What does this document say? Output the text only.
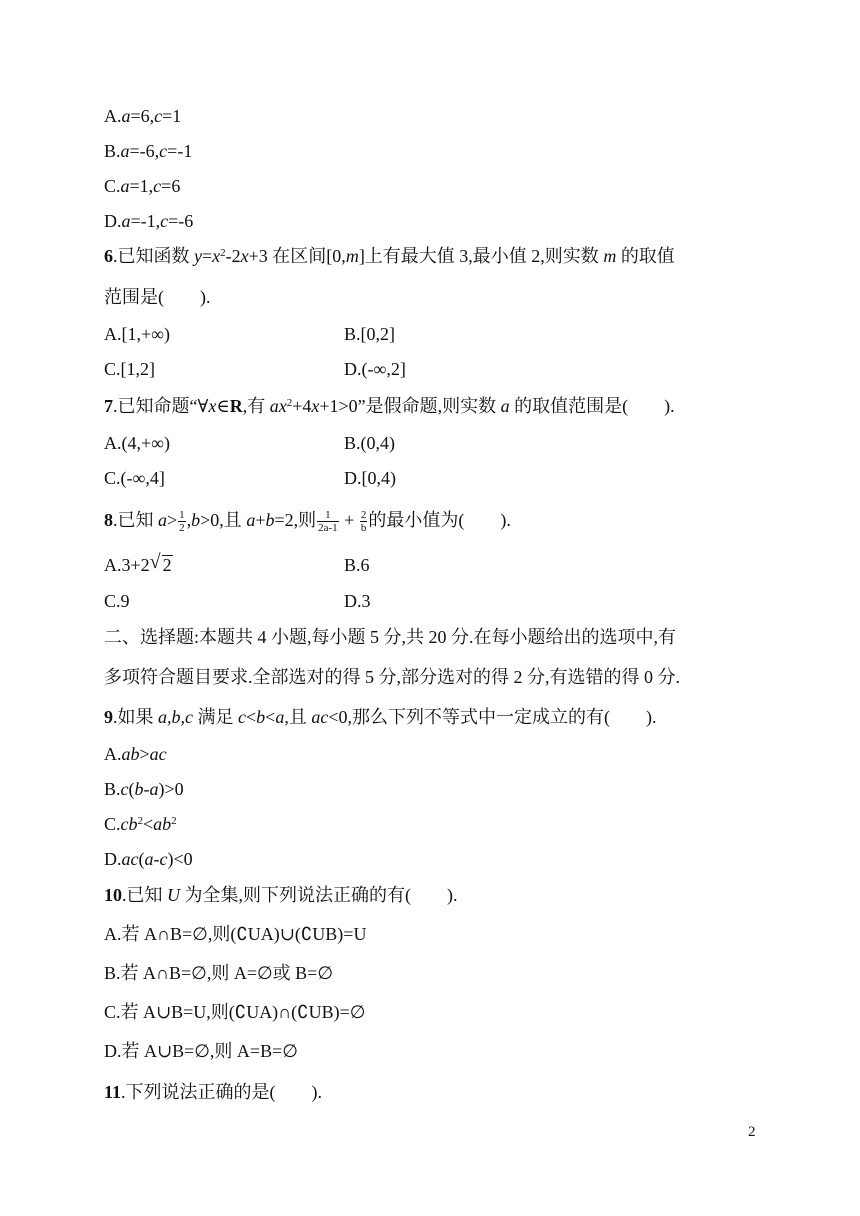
A.a=6,c=1
B.a=-6,c=-1
C.a=1,c=6
D.a=-1,c=-6
6.已知函数 $y=x^2-2x+3$ 在区间[0,m]上有最大值 3,最小值 2,则实数 m 的取值
范围是(　　).
A.[1,+∞)	B.[0,2]
C.[1,2]	D.(-∞,2]
7.已知命题“∀x∈R,有 $ax^2+4x+1>0$”是假命题,则实数 a 的取值范围是(　　).
A.(4,+∞)	B.(0,4)
C.(-∞,4]	D.[0,4)
8.已知 $a> \frac{1}{2} ,b>0$,且 a+b=2,则 $\frac{1}{2a-1} + \frac{2}{b}$ 的最小值为(　　).
A.3+2 √ 2	B.6
C.9	D.3
二、选择题:本题共 4 小题,每小题 5 分,共 20 分.在每小题给出的选项中,有
多项符合题目要求.全部选对的得 5 分,部分选对的得 2 分,有选错的得 0 分.
9.如果 a,b,c 满足 c<b<a,且 ac<0,那么下列不等式中一定成立的有(　　).
A.ab>ac
B.c(b-a)>0
$C.cb^2<ab^2$
D.ac(a-c)<0
10.已知 U 为全集,则下列说法正确的有(　　).
A.若 A∩B=∅,则(∁UA)∪(∁UB)=U
B.若 A∩B=∅,则 A=∅或 B=∅
C.若 A∪B=U,则(∁UA)∩(∁UB)=∅
D.若 A∪B=∅,则 A=B=∅
11.下列说法正确的是(　　).
2
